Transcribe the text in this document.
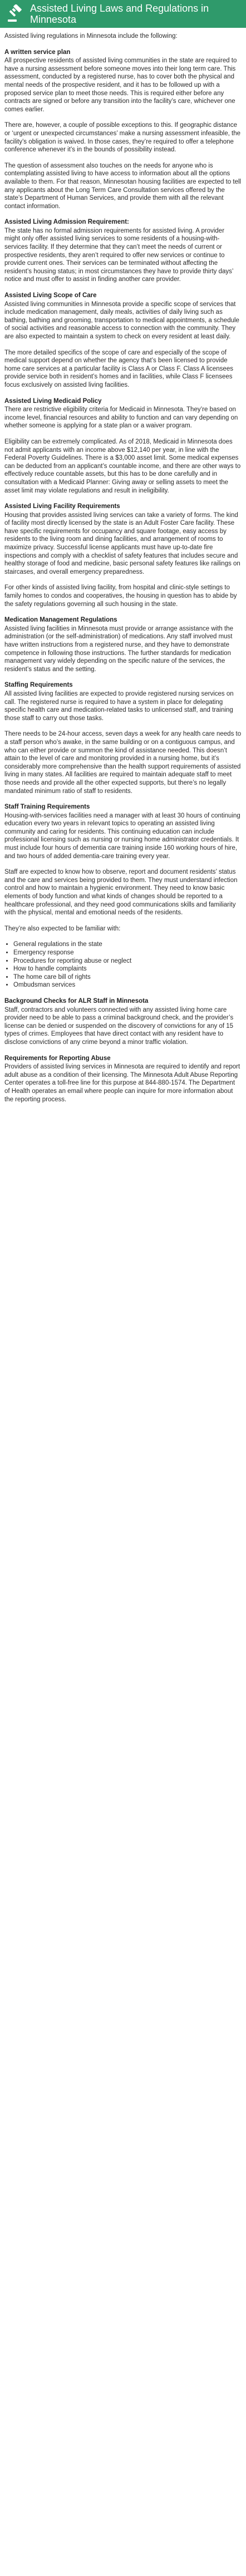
Assisted Living Laws and Regulations in Minnesota

Assisted living regulations in Minnesota include the following:

A written service plan

All prospective residents of assisted living communities in the state are required to have a nursing assessment before someone moves into their long term care. This assessment, conducted by a registered nurse, has to cover both the physical and mental needs of the prospective resident, and it has to be followed up with a proposed service plan to meet those needs. This is required either before any contracts are signed or before any transition into the facility’s care, whichever one comes earlier.

There are, however, a couple of possible exceptions to this. If geographic distance or ‘urgent or unexpected circumstances’ make a nursing assessment infeasible, the facility’s obligation is waived. In those cases, they’re required to offer a telephone conference whenever it’s in the bounds of possibility instead.

The question of assessment also touches on the needs for anyone who is contemplating assisted living to have access to information about all the options available to them. For that reason, Minnesotan housing facilities are expected to tell any applicants about the Long Term Care Consultation services offered by the state’s Department of Human Services, and provide them with all the relevant contact information.

Assisted Living Admission Requirement:

The state has no formal admission requirements for assisted living. A provider might only offer assisted living services to some residents of a housing-with-services facility. If they determine that they can’t meet the needs of current or prospective residents, they aren’t required to offer new services or continue to provide current ones. Their services can be terminated without affecting the resident’s housing status; in most circumstances they have to provide thirty days’ notice and must offer to assist in finding another care provider.

Assisted Living Scope of Care

Assisted living communities in Minnesota provide a specific scope of services that include medication management, daily meals, activities of daily living such as bathing, bathing and grooming, transportation to medical appointments, a schedule of social activities and reasonable access to connection with the community. They are also expected to maintain a system to check on every resident at least daily.

The more detailed specifics of the scope of care and especially of the scope of medical support depend on whether the agency that’s been licensed to provide home care services at a particular facility is Class A or Class F. Class A licensees provide service both in resident’s homes and in facilities, while Class F licensees focus exclusively on assisted living facilities.

Assisted Living Medicaid Policy

There are restrictive eligibility criteria for Medicaid in Minnesota. They’re based on income level, financial resources and ability to function and can vary depending on whether someone is applying for a state plan or a waiver program.

Eligibility can be extremely complicated. As of 2018, Medicaid in Minnesota does not admit applicants with an income above $12,140 per year, in line with the Federal Poverty Guidelines. There is a $3,000 asset limit. Some medical expenses can be deducted from an applicant’s countable income, and there are other ways to effectively reduce countable assets, but this has to be done carefully and in consultation with a Medicaid Planner: Giving away or selling assets to meet the asset limit may violate regulations and result in ineligibility.

Assisted Living Facility Requirements

Housing that provides assisted living services can take a variety of forms. The kind of facility most directly licensed by the state is an Adult Foster Care facility. These have specific requirements for occupancy and square footage, easy access by residents to the living room and dining facilities, and arrangement of rooms to maximize privacy. Successful license applicants must have up-to-date fire inspections and comply with a checklist of safety features that includes secure and healthy storage of food and medicine, basic personal safety features like railings on staircases, and overall emergency preparedness.

For other kinds of assisted living facility, from hospital and clinic-style settings to family homes to condos and cooperatives, the housing in question has to abide by the safety regulations governing all such housing in the state.

Medication Management Regulations

Assisted living facilities in Minnesota must provide or arrange assistance with the administration (or the self-administration) of medications. Any staff involved must have written instructions from a registered nurse, and they have to demonstrate competence in following those instructions. The further standards for medication management vary widely depending on the specific nature of the services, the resident’s status and the setting.

Staffing Requirements

All assisted living facilities are expected to provide registered nursing services on call. The registered nurse is required to have a system in place for delegating specific health care and medication-related tasks to unlicensed staff, and training those staff to carry out those tasks.

There needs to be 24-hour access, seven days a week for any health care needs to a staff person who’s awake, in the same building or on a contiguous campus, and who can either provide or summon the kind of assistance needed. This doesn’t attain to the level of care and monitoring provided in a nursing home, but it’s considerably more comprehensive than the health support requirements of assisted living in many states. All facilities are required to maintain adequate staff to meet those needs and provide all the other expected supports, but there’s no legally mandated minimum ratio of staff to residents.

Staff Training Requirements

Housing-with-services facilities need a manager with at least 30 hours of continuing education every two years in relevant topics to operating an assisted living community and caring for residents. This continuing education can include professional licensing such as nursing or nursing home administrator credentials. It must include four hours of dementia care training inside 160 working hours of hire, and two hours of added dementia-care training every year.

Staff are expected to know how to observe, report and document residents’ status and the care and services being provided to them. They must understand infection control and how to maintain a hygienic environment. They need to know basic elements of body function and what kinds of changes should be reported to a healthcare professional, and they need good communications skills and familiarity with the physical, mental and emotional needs of the residents.

They’re also expected to be familiar with:

• General regulations in the state
• Emergency response
• Procedures for reporting abuse or neglect
• How to handle complaints
• The home care bill of rights
• Ombudsman services
Background Checks for ALR Staff in Minnesota

Staff, contractors and volunteers connected with any assisted living home care provider need to be able to pass a criminal background check, and the provider’s license can be denied or suspended on the discovery of convictions for any of 15 types of crimes. Employees that have direct contact with any resident have to disclose convictions of any crime beyond a minor traffic violation.

Requirements for Reporting Abuse

Providers of assisted living services in Minnesota are required to identify and report adult abuse as a condition of their licensing. The Minnesota Adult Abuse Reporting Center operates a toll-free line for this purpose at 844-880-1574. The Department of Health operates an email where people can inquire for more information about the reporting process.
